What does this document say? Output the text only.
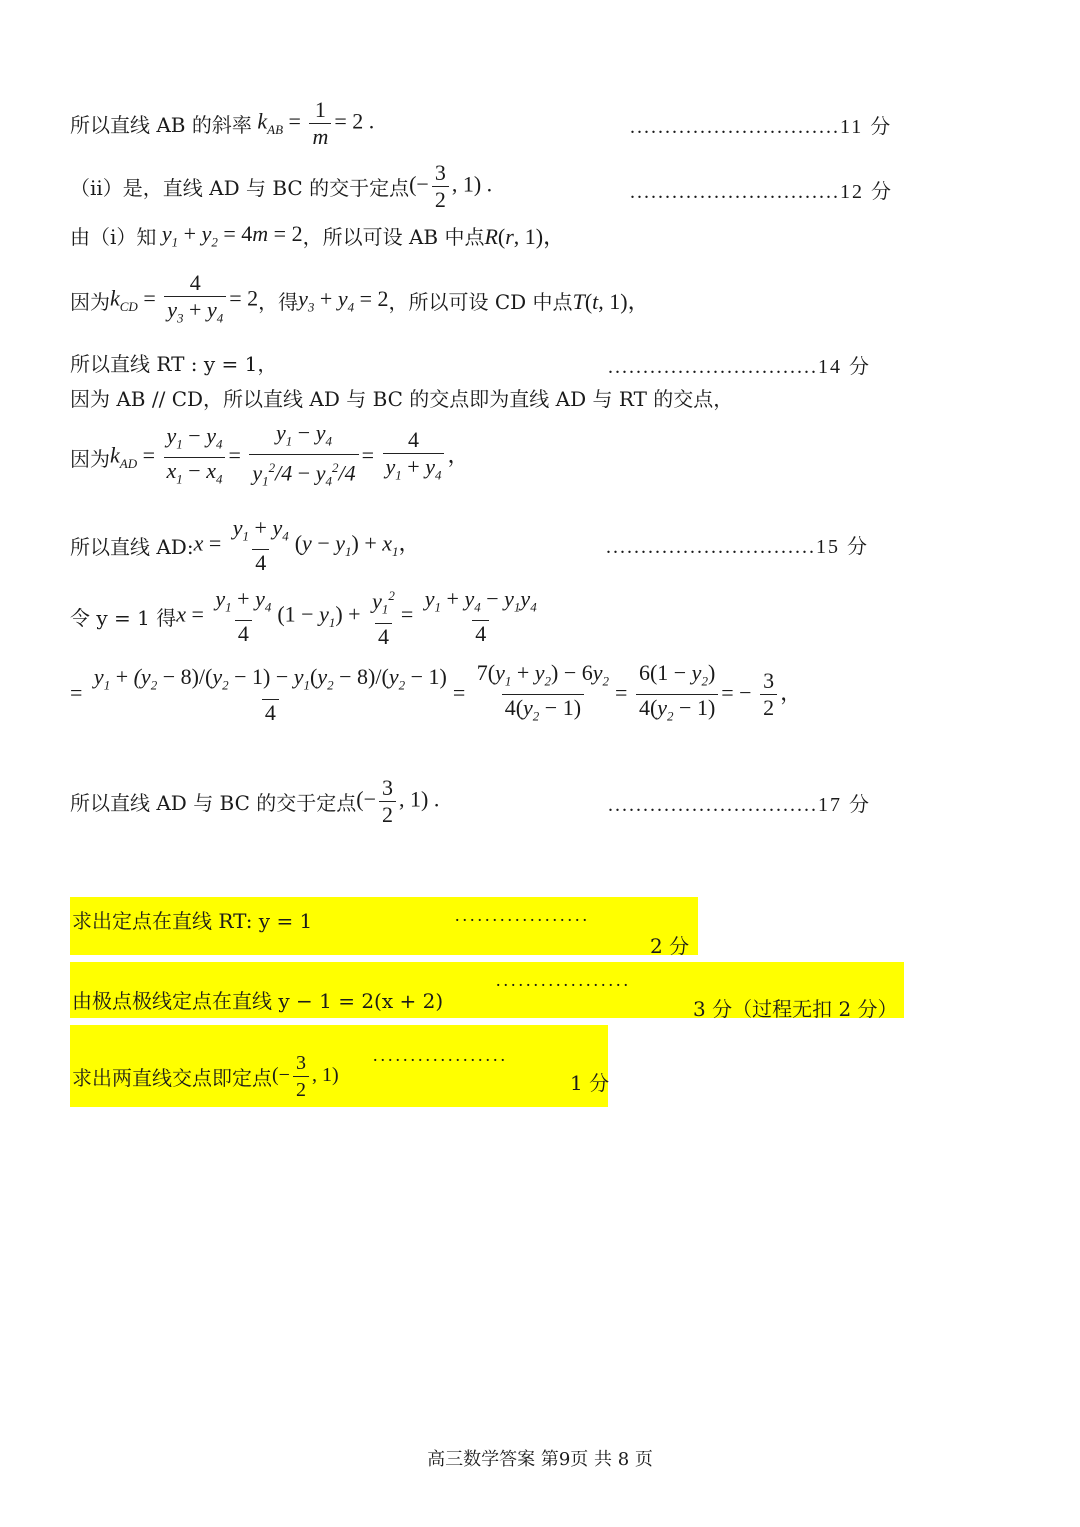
所以直线 AB 的斜率 $k_{AB} = \frac{1}{m} = 2$ .	..............................11 分
（ii）是，直线 AD 与 BC 的交于定点 (− $\frac{3}{2}$ , 1) .	..............................12 分
由（i）知 $y_1 + y_2 = 4m = 2$ ，所以可设 AB 中点 R(r, 1)，
因为 $k_{CD} = \frac{4}{y_3 + y_4} = 2$ ，得 $y_3 + y_4 = 2$ ，所以可设 CD 中点 T(t, 1)，
所以直线 RT : y = 1，	..............................14 分
因为 AB // CD，所以直线 AD 与 BC 的交点即为直线 AD 与 RT 的交点，
因为 $k_{AD} = \frac{y_1 - y_4}{x_1 - x_4} = \frac{y_1 - y_4}{y_1^2/4 - y_4^2/4} = \frac{4}{y_1 + y_4}$ ，
所以直线 AD: $x = \frac{y_1 + y_4}{4} (y - y_1) + x_1$，	..............................15 分
令 y = 1 得 $x = \frac{y_1 + y_4}{4} (1 - y_1) + \frac{y_1^2}{4} = \frac{y_1 + y_4 - y_1y_4}{4}$
= $\frac{y_1 + (y_2 - 8)/(y_2 - 1) - y_1(y_2 - 8)/(y_2 - 1)}{4} = \frac{7(y_1 + y_2) - 6y_2}{4(y_2 - 1)} = \frac{6(1 - y_2)}{4(y_2 - 1)}$ = − $\frac{3}{2}$ ，
所以直线 AD 与 BC 的交于定点 (− $\frac{3}{2}$ , 1) .	..............................17 分
求出定点在直线 RT: y = 1	..................
2 分
由极点极线定点在直线 y − 1 = 2(x + 2)
..................
3 分（过程无扣 2 分）
求出两直线交点即定点 (− $\frac{3}{2}$ , 1)
..................
1 分
高三数学答案 第9页 共 8 页
